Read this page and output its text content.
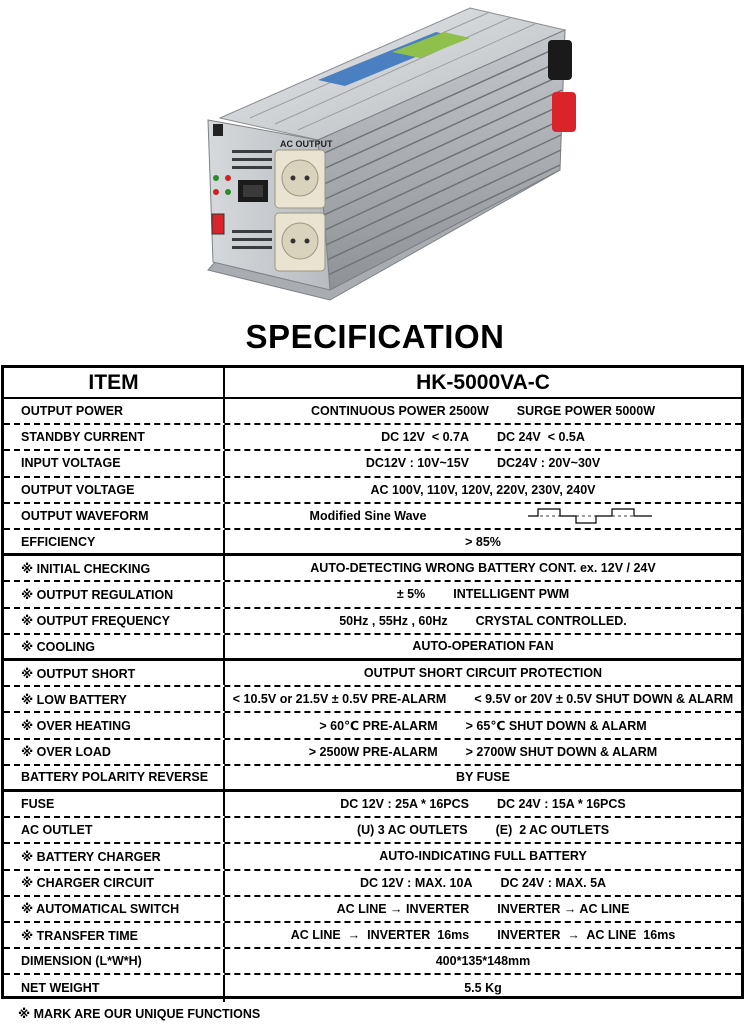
AC OUTPUT
SPECIFICATION
ITEM	HK-5000VA-C
OUTPUT POWER	CONTINUOUS POWER 2500W SURGE POWER 5000W
STANDBY CURRENT	DC 12V  < 0.7A DC 24V  < 0.5A
INPUT VOLTAGE	DC12V : 10V~15V DC24V : 20V~30V
OUTPUT VOLTAGE	AC 100V, 110V, 120V, 220V, 230V, 240V
OUTPUT WAVEFORM	Modified Sine Wave
EFFICIENCY	> 85%
※ INITIAL CHECKING	AUTO-DETECTING WRONG BATTERY CONT. ex. 12V / 24V
※ OUTPUT REGULATION	± 5% INTELLIGENT PWM
※ OUTPUT FREQUENCY	50Hz , 55Hz , 60Hz CRYSTAL CONTROLLED.
※ COOLING	AUTO-OPERATION FAN
※ OUTPUT SHORT	OUTPUT SHORT CIRCUIT PROTECTION
※ LOW BATTERY	< 10.5V or 21.5V ± 0.5V PRE-ALARM < 9.5V or 20V ± 0.5V SHUT DOWN & ALARM
※ OVER HEATING	> 60℃ PRE-ALARM > 65℃ SHUT DOWN & ALARM
※ OVER LOAD	> 2500W PRE-ALARM > 2700W SHUT DOWN & ALARM
BATTERY POLARITY REVERSE	BY FUSE
FUSE	DC 12V : 25A * 16PCS DC 24V : 15A * 16PCS
AC OUTLET	(U) 3 AC OUTLETS (E)  2 AC OUTLETS
※ BATTERY CHARGER	AUTO-INDICATING FULL BATTERY
※ CHARGER CIRCUIT	DC 12V : MAX. 10A DC 24V : MAX. 5A
※ AUTOMATICAL SWITCH	AC LINE → INVERTER INVERTER → AC LINE
※ TRANSFER TIME	AC LINE  →  INVERTER  16ms INVERTER  →  AC LINE  16ms
DIMENSION (L*W*H)	400*135*148mm
NET WEIGHT	5.5 Kg
※ MARK ARE OUR UNIQUE FUNCTIONS
